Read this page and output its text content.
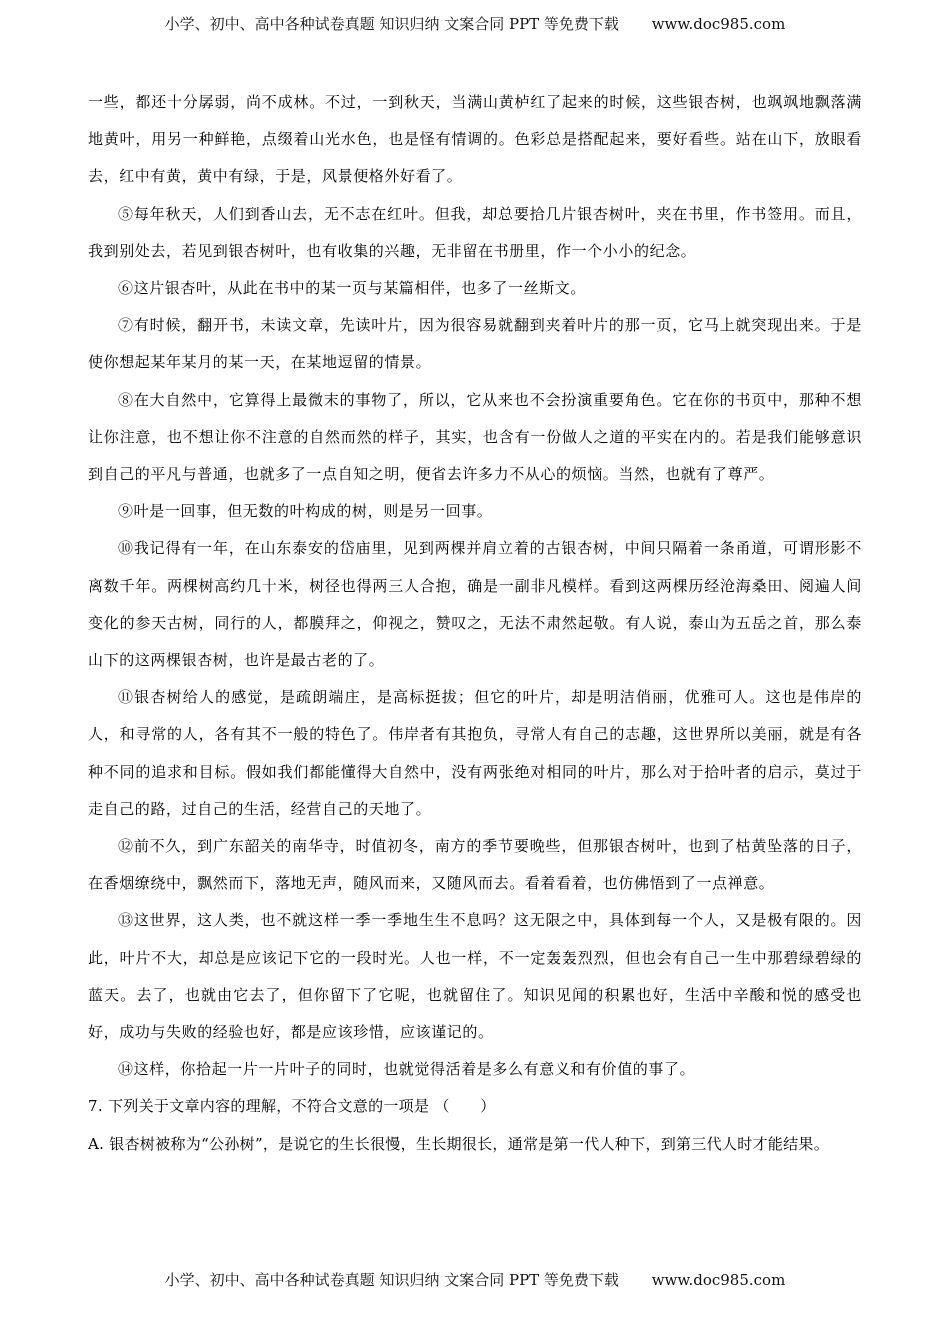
小学、初中、高中各种试卷真题 知识归纳 文案合同 PPT 等免费下载 www.doc985.com

一些，都还十分孱弱，尚不成林。不过，一到秋天，当满山黄栌红了起来的时候，这些银杏树，也飒飒地飘落满地黄叶，用另一种鲜艳，点缀着山光水色，也是怪有情调的。色彩总是搭配起来，要好看些。站在山下，放眼看去，红中有黄，黄中有绿，于是，风景便格外好看了。

⑤每年秋天，人们到香山去，无不志在红叶。但我，却总要拾几片银杏树叶，夹在书里，作书签用。而且，我到别处去，若见到银杏树叶，也有收集的兴趣，无非留在书册里，作一个小小的纪念。

⑥这片银杏叶，从此在书中的某一页与某篇相伴，也多了一丝斯文。

⑦有时候，翻开书，未读文章，先读叶片，因为很容易就翻到夹着叶片的那一页，它马上就突现出来。于是使你想起某年某月的某一天，在某地逗留的情景。

⑧在大自然中，它算得上最微末的事物了，所以，它从来也不会扮演重要角色。它在你的书页中，那种不想让你注意，也不想让你不注意的自然而然的样子，其实，也含有一份做人之道的平实在内的。若是我们能够意识到自己的平凡与普通，也就多了一点自知之明，便省去许多力不从心的烦恼。当然，也就有了尊严。

⑨叶是一回事，但无数的叶构成的树，则是另一回事。

⑩我记得有一年，在山东泰安的岱庙里，见到两棵并肩立着的古银杏树，中间只隔着一条甬道，可谓形影不离数千年。两棵树高约几十米，树径也得两三人合抱，确是一副非凡模样。看到这两棵历经沧海桑田、阅遍人间变化的参天古树，同行的人，都膜拜之，仰视之，赞叹之，无法不肃然起敬。有人说，泰山为五岳之首，那么泰山下的这两棵银杏树，也许是最古老的了。

⑪银杏树给人的感觉，是疏朗端庄，是高标挺拔；但它的叶片，却是明洁俏丽，优雅可人。这也是伟岸的人，和寻常的人，各有其不一般的特色了。伟岸者有其抱负，寻常人有自己的志趣，这世界所以美丽，就是有各种不同的追求和目标。假如我们都能懂得大自然中，没有两张绝对相同的叶片，那么对于拾叶者的启示，莫过于走自己的路，过自己的生活，经营自己的天地了。

⑫前不久，到广东韶关的南华寺，时值初冬，南方的季节要晚些，但那银杏树叶，也到了枯黄坠落的日子，在香烟缭绕中，飘然而下，落地无声，随风而来，又随风而去。看着看着，也仿佛悟到了一点禅意。

⑬这世界，这人类，也不就这样一季一季地生生不息吗？这无限之中，具体到每一个人，又是极有限的。因此，叶片不大，却总是应该记下它的一段时光。人也一样，不一定轰轰烈烈，但也会有自己一生中那碧绿碧绿的蓝天。去了，也就由它去了，但你留下了它呢，也就留住了。知识见闻的积累也好，生活中辛酸和悦的感受也好，成功与失败的经验也好，都是应该珍惜，应该谨记的。

⑭这样，你拾起一片一片叶子的同时，也就觉得活着是多么有意义和有价值的事了。

7. 下列关于文章内容的理解，不符合文意的一项是 （　　）

A. 银杏树被称为“公孙树”，是说它的生长很慢，生长期很长，通常是第一代人种下，到第三代人时才能结果。

小学、初中、高中各种试卷真题 知识归纳 文案合同 PPT 等免费下载 www.doc985.com
